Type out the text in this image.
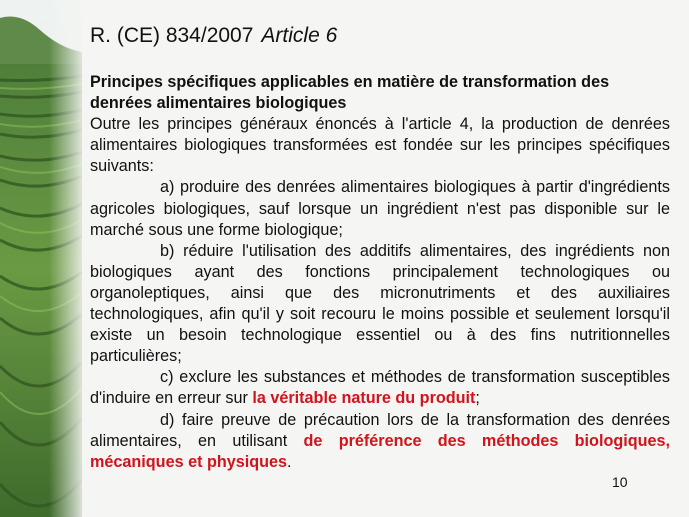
R. (CE) 834/2007 Article 6

Principes spécifiques applicables en matière de transformation des denrées alimentaires biologiques

Outre les principes généraux énoncés à l'article 4, la production de denrées alimentaires biologiques transformées est fondée sur les principes spécifiques suivants:

a) produire des denrées alimentaires biologiques à partir d'ingrédients agricoles biologiques, sauf lorsque un ingrédient n'est pas disponible sur le marché sous une forme biologique;

b) réduire l'utilisation des additifs alimentaires, des ingrédients non biologiques ayant des fonctions principalement technologiques ou organoleptiques, ainsi que des micronutriments et des auxiliaires technologiques, afin qu'il y soit recouru le moins possible et seulement lorsqu'il existe un besoin technologique essentiel ou à des fins nutritionnelles particulières;

c) exclure les substances et méthodes de transformation susceptibles d'induire en erreur sur la véritable nature du produit;

d) faire preuve de précaution lors de la transformation des denrées alimentaires, en utilisant de préférence des méthodes biologiques, mécaniques et physiques.

10
